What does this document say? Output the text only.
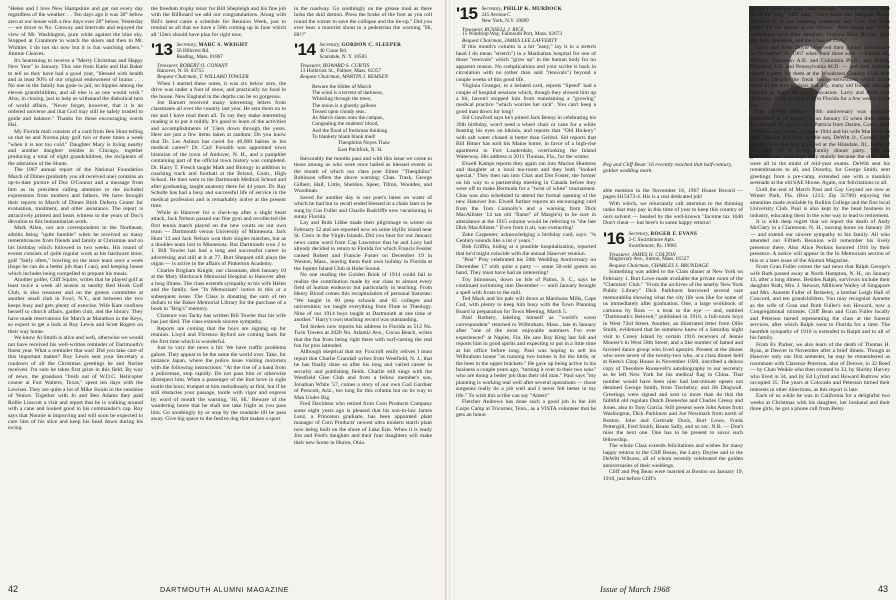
"Helen and I love New Hampshire and get out every day regardless of the weather. . . Ten days ago it was 30° below zero at our house with a few days over 20° below. Yesterday — we drove to No. Conway and Intervale and enjoyed the view of Mt. Washington, pure white against the blue sky. Stopped at Cranmore to watch the skiers and then to Mt. Whittier. I do not ski now but it is fun watching others." Jimmie Cleaves.

It's heartening to receive a "Merry Christmas and Happy New Year" in January. This one from Katie and Hal Baker to tell us they have had a good year, "blessed with health and at least 90% of our original endowment of brains . . . No one in the family has gone to jail, no hippies among the eleven grandchildren, and all else is as one would wish." Also, in closing, just to help us withstand the diabolical turn of world affairs, "Never forget, however, that it is an ordered universe and that God may still be safely trusted to guide and balance." Thanks for those encouraging words Hal.

My Florida mail consists of a card from Ben Hunt telling us that he and Norma play golf two or three times a week "when it is not too cold." Daughter Mary is living nearby and another daughter resides in Chicago, together producing a total of eight grandchildren, the recipients of the adoration of the Hunts.

The 1967 annual report of the National Foundation March of Dimes (probably you all received one) contains an up-to-date picture of Doc O'Connor and a message from him as its president calling attention to the included expressions from mothers and fathers. We have brought their reports to March of Dimes Birth Defects Center for evaluation, treatment, and other assistance. The report is attractively printed and bears witness to the years of Doc's devotion to this humanitarian work.

Mark Allen, our ace correspondent in the Northeast, admits being "quite humble" when he received so many remembrances from friends and family at Christmas and on his birthday which followed in two weeks. His round of events consists of quite regular work at his hardware store, golf "fairly often," bowling on the store team once a week (hope he can do a better job than I can), and keeping house which includes being compelled to prepare his meals.

Another golfer, Cliff Squire, writes that he played golf at least twice a week all season at nearby Red Hook Golf Club, is also treasurer and on the greens committee at another small club in Fowl, N.Y., and between the two keeps busy and gets plenty of exercise. Wife Kate confines herself to church affairs, garden club, and the library. They have made reservations for March at Marathon in the Keys, so expect to get a look at Roy Lewis and Scott Rogers on their way home.

We know Al Smith is alive and well, otherwise we would not have received his well-written reminder of Dartmouth's finest year. What a reminder that was! Did you take care of this important matter? Roy Lewis sent your Secretary a rundown of all the Christmas greetings he and Norine received. I'm sure he takes first prize in this field. By way of news, the grandson "fresh out of W.O.C. Helicopter course at Fort Walters, Texas," spent ten days with the Lewises. They are quite a lot of Mike Swain in the sunshine of Venice. Together with Jo and Ben Adams they paid Rollie Linscott a visit and report that he is walking around with a cane and looked good in his commander's cap. Roy says that Noonie is improving and will soon be expected to cure him of his slice and keep his head down during his swing.

the freedom trophy tenor for Bill Shepleigh and his fine job with the Billboard we add our congratulations. Along with Bill's latest came a schedule for Reunion Week, just to remind us all that we have a 56th coming up in June which all '12ers should have plan for right now.

'13 Secretary, MARC S. WRIGHT
56 Hillcrest Rd.
Reading, Mass. 01867

Treasurer, ROBERT O. CONANT

Hanover, N. H. 03755

Bequest Chairman, T. WILLARD TOWLER

When I started these notes, it was six below zero, the drive was under a foot of snow, and practically no food in the house. New England in the depths can be so gorgeous.

Joe Barnett received many interesting letters from classmates all over the country last year. He sent them on to me and I have read them all. To say they make interesting reading is to put it mildly. It's good to learn of the activities and accomplishments of '13ers down through the years. Here are just a few items taken at random: Do you know that Dr. Les Ashton has cared for 40,000 babies in his medical career? Dr. Carl Forsaith was appointed town historian of the town of Andover, N. H., and a pamphlet containing part of the official town history was completed. Dr. Harry T. Fresch taught Math and Biology in addition to coaching track and football at the Bristol, Conn., High School. He then went to the Dartmouth Medical School and after graduating, taught anatomy there for 44 years. Dr. Ray Schulte has had a busy and successful life of service in the medical profession and is remarkably active at the present time.

While in Hanover for a check-up after a slight heart attack, Jack Nelson passed our fine gym and recollected the first tennis match played on the new courts on our own team — Dartmouth versus University of Minnesota. Jack Hunt '13 and Jack Nelson won their singles matches, but as a doubles team lost to Minnesota. But Dartmouth won 2 to 1. Bill Towler has had a long and successful career in advertising and still at it at 77. Burt Shepard still plays the organ — is active in the affairs of Pinkerton Academy.

Charles Brigham Knight, our classmate, died January 10 at the Mary Hitchcock Memorial Hospital in Hanover after a long illness. The class extends sympathy to his wife Helen and the family. See "In Memoriam" notice in this or a subsequent issue. The Class is donating the sum of ten dollars to the Baker Memorial Library for the purchase of a book in "Brig's" memory.

Clarence von Tacky has written Bill Towler that his wife has just died. The class extends sincere sympathy.

Reports are coming that the boys are signing up for reunion. Lloyd and Florence Ryford are coming back for the first time which is wonderful.

Just to vary the news a bit: We have traffic problems galore. They appear to be the same the world over. Take, for instance Japan, where the police issue visiting motorists with the following instructions: "At the rise of a hand from a policeman, stop rapidly. Do not pass him or otherwise disrespect him. When a passenger of the foot hove in sight tootle the horn; trumpet at him melodiously at first, but if he still obstacles your passage, tootle with vigor and express by word of mouth the warning, 'Hi, Hi.' Beware of the wandering horse that he shall not take fright as you pass him. Go soothingly by or stop by the roadside till he pass away. Give big space to the festive dog that makes a sport

in the roadway. Go soothingly on the grease mud as there lurks the skid demon. Press the brake of the foot as you roll round the corner to save the collapse and the tie-up." Did you ever hear a motorist shout to a pedestrian the warning "Hi, Hi!?"

'14 Secretary, GORDON C. SLEEPER
40 Crane Rd.
Scarsdale, N. Y. 10583

Treasurer, HOWARD S. CURTIS

13 Holbrook St., Palmer, Mass. 02357

Bequest Chairman, MARTIN J. REMSEN

Beware the Slides of March
The wind is a torrent of darkness,
Whistling through the trees;
The moon is a ghostly galleon
Tossed upon cloudy seas.
As March slams onto the campus,
Congealing the students' blood,
And the flood of freshman thinking
To blankety blank blank mud!
Theophilus Noyes Thaw
East Pitchfork, N. H.

Inexorably the months pass and with this issue we come to those among us who were once hailed as blessed events in the month of which our class poet Elmer "Theophilus" Robinson offers the above warning: Chas. Trask, George Gilbert, Hall, Little, Sheldon, Speer, Tilton, Wooldes, and Woodman.

Saved for another day is our poet's latest on water of which he had but to recall ended blessed in a chain later to be sung by Gus Fuller and Charlie Radcliffe now vacationing in sunny Florida.

Lay and Ruth Libbe made their pilgrimage to winter on February 12 and are reported now on some idyllic island near St. Croix in the Virgin Islands. Did you hear for our January news came word from Cap Lawrence that he and Lucy had already decided to return to Florida for which Francis Fessler caused Robert and Francie Foster on December 19 in Weston, Mass., leaving them their own holiday in Florida at the Jupiter Island Club at Hobe Sound.

No one reading the Golden Book of 1914 could fail to realize the contribution made by our class to almost every field of human endeavor but particularly in teaching. From Henry Blood comes this recapitulation of personal histories: "We taught in 60 prep schools and 65 colleges and universities; we taught everything from Flute to Theology. Nine of our 1914 boys taught at Dartmouth at one time or another." Harry's own teaching record was outstanding.

Ted Stokes now reports his address in Florida as 512 No. Twin Towers at 2020 No. Atlantic Ave., Cocoa Beach, writes that the fun from being right there with surf-casting the real fun for pros intended.

Although skeptical that my Foxcroft really relives I must report that Charlie Crandall writes from Westfield, N. J., that he has finally done so after his long and varied career in security and publishing fields. Charlie still sings with the Westfield Glee Club and from a fellow member's son, Jonathan White '57, comes a story of our own Gail Gardner of Prescott, Ariz., too long for this column but on its way to Man Under Big.

Fred Davidson who retired from Corn Products Company some eight years ago is pleased that his son-in-law James Lenz, a Princeton graduate, has been appointed plant manager of Corn Products' newest ultra modern starch plant now being built on the shore of Lake Erie. When it is ready Jim and Fred's daughter and their four daughters will make their new home in Huron, Ohio.

42	DARTMOUTH ALUMNI MAGAZINE
'15 Secretary, PHILIP K. MURDOCK
245 Avenue C
New York, N.Y. 10009

Treasurer, RUSSELL J. RICE

15 Winthrop Way, Falmouth Port, Mass. 02673

Bequest Chairman, JAMES LEE LAFFERTY

If this month's column is a bit "zany," lay it to a stretch head I do mean "stretch") in a Manhattan hospital for one of those "renovals" which "grow up" in the human body for no apparent reason. No complications and your scribe is back in circulation with no (other than said "renovals") beyond a couple weeks of this good life.

Virginia Granger, in a belated card, reports "Speed" had a couple of hospital sessions which, though they slowed him up a bit, haven't stopped him from maintaining a "growing" medical practice "which worries her sick". You can't keep a good man down for long!

Sid Crawford says he's joined Jack Benny in celebrating his 39th birthday, won't need a wheel chair or cane for a while feasting his eyes on bikinis, and reports that "Old Hickory" with salt water chased is better than Geritol. Sid reports that Bill Bitner has sold his Maine home, in favor of a high-rise apartment in Fort Lauderdale, overlooking the Inland Waterway. His address is 2011 Thomas, Fla., for the winter.

Elwell Kamps reports they again ran into Marion Huntress and daughter at a local tea-room and they both "looked special." They then ran into Chas and Dot Foster, the former on his way to a partnership meeting in Canada before they were off to make Bermuda for a "twist of white" tournament. Chas was also scheduled to attend the formal opening of the new Hanover Inn. Elwell further reports an encouraging card from the Tom Connolly's and a warning from Dick MacAllister '14 tan old "flame" of Margie's) to be sure in attendance at the 1915 column would be referring to "the late Dick MacAllister." Even from it all, was overacting!

Zeke Carpenter, acknowledging a birthday card, says: "¾ Century sounds like a lot o' years."

Bob Griffin, hiding at a possible hospitalization, reported that he'd might coincide with the annual Hanover reunion.

"Pest" Pray celebrated his 50th Wedding Anniversary on December 17 with quite a party — some 50-odd guests on hand. They must have had an interesting!

Toy Simonson, down on Isle of Palms, S. C., says he continued swimming into December — until January brought a spell with frosts to the mill.

Ted Mack and his pals will down at Marshons Mills, Cape Cod, with plenty to keep him busy with the Town Planning Board in preparation for Town Meeting, March 5.

Paul Rothery, labeling himself as "world's worst correspondent" returned to Wilbraham, Mass., late in January after "one of the most enjoyable summers I've ever experienced" at Naples, Fla. He saw Ray King last fall and reports him in good spirits and expecting to put in a little time at his office before long. Paul was hoping to sell his Wilbraham house "as running two homes is for the birds, or the bees in the upper brackets." He gave up being active in his business a couple years ago, "turning it over to their two sons" who are doing a better job than their old man." Paul says "my planning is working real well after several operations — those surgeons really do a job well and I never felt better in my life." To wish this scribe can say "Amen!"

Fletcher Andrews has done such a good job in the Job Corps Camp at Tricorner, Tenn., as a VISTA volunteer that he gets an honor

able mention in the November 16, 1967 House Record — pages H15473-4. His is a real dedicated job!

With which, we reluctantly call attention to the thinning ranks that may pay in this time of year to keep this country of ours solvent — headed by the well-known "Income tax 1040 Don't cheat — but here's to some happy returns!

'16 Secretary, ROGER F. EVANS
2-C Swarthmore Apts.
Swarthmore, Pa. 19081

Treasurer, JAMES H. COLTON

Magistrary Ave., Sutton, Mass. 01527

Bequest Chairman, CHARLES S. BRUNDAGE

Something was added to the Class dinner at New York on February 1. Burt Lowe made available the private room of the "Chemists' Club." "From the archives of the nearby New York Public Library" Dick Parkhurst borrowed several rare memorabilia showing what the city life was like for some of us immediately after graduation. One, a large workbook of cartoons by Ross — a treat to the eye — and, entitled "Dartmouth's Beloved," published in 1916, a full-room boys in West 73rd Street. Another, an illustrated letter from Ollie Smith, evidenced that he somehow knew of a Saturday night visit to Coney Island by certain 1916 receivers of Jennie Moorer's in West 58th Street, and a like number of famed and favored dance group who lived upstairs. Present at the dinner who were seven of the twenty-two who, at a class dinner held at Keen's Chop House in November 1920, inscribed a deluxe copy of Theodore Roosevelt's autobiography to our secretary as he left New York for his medical flag in China. That number would have been nine had last-minute upsets not detained George Smith, from Tischebzy, and Jib Dingwall. Greetings were signed and sent to more than do this the faithful old regulars Dutch Doenecke and Charles Cressy and Jones, also to Tony Garcia. Still present were John Amos from Washington, Dick Parkhurst and Joe Newmark from north of Boston. John and Gertrude Dock, Burt Lowe, Frank Pettengill, Fred Smith, Beans Sally, and so sec. N.B. — Don't miss the next one. One has to be present to savor such fellowship.

The whole Class extends felicitations and wishes for many happy returns to the Cliff Beans, the Larry Doyles and to the DeWitt Wilsons, all of whom recently celebrated the golden anniversaries of their weddings.

Cliff and Peg Bean were married at Boston on January 19, 1918, just before Cliff's

Peg and Cliff Bean '16 recently reached that half-century, golden wedding mark.

orders to destroyer duty came through. "Sixteen has been with us all the way," Cliff adds, "since Hobe and Margaret Baker attended us at our wedding ceremony and Gran and Ruth Fuller did the honors at our fiftieth." Also taking part in the celebration were their daughter, Virginia Bean Bryant, their son Jack, grandson, and the Class of 1925."

Larry and Rene Doyle observed their golden anniversary on November 30, 1967 when their three sons — Kelvin '40, William, Princeton A.B. and Columbia Ph.D., and Alfred, Princeton A.B. and Pennsylvania M.D. — and their families hosted a party for them at the Woodcrest Country Club near Syosset. Despite the freak heavy snowstorm which made travel in the area perilous that day, many old friends also got through to share the happy occasion. Larry and Rene now (February 1) are on their way to Florida for a few weeks in the sun.

The DeWitt Wilsons' 50th anniversary was similarly celebrated, as of January 5, on January 15 when their oldest son Donald '41 and his wife Patricia from Darien, Conn.; their youngest son Charles, Colgate 1944 and his wife Martha from New Canaan; and their middle son, DeWitt Jr., Cornell 1947 and his wife Adelina, gathered at the Hinsdale, Ill., home of the latter for a lovely family dinner party. The six grandchildren were kept busy mainly because the older ones were all in the midst of mid-year exams. DeWitt sent his remembrances to all, and Dorothy, for George Smith, sent greetings from a pre-camp, extended one with a manikin serenade at the old SAE House. Again, our felicitations to all.

Until the end of March Paul and Gay Geyand are now at Winter Park, Fla. (Box 1213, Zip 32789) enjoying the amenities made available by Rollins College and the fine local University Club. Paul is also kept by the head business in industry, educating them in the wise way to lead to retirement.

It is with deep regret that we report the death of Andy McClary in a Claremont, N. H., nursing home on January 28 — and extend our sincere sympathy to his family. All who attended our Fiftieth Reunion will remember his lively presence there. Also Alice Perkins honored 1916 by their presence. A notice will appear in the In Memoriam section of this or a later issue of the Alumni Magazine.

From Gran Fuller comes the sad news that Ralph George's wife Ruth passed away at North Hampton, N. H., on January 13, after a long illness. Besides Ralph, survivors include their daughter Ruth, Mrs. J. Stewart, Millicent Walley of Singapore and Mrs. Annette Fuller of Berkeley, a brother Leigh Hall of Concord, and ten grandchildren. You may recognize Annette as the wife of Gran and Ruth Fuller's son Howard, now a Congregational minister. Cliff Bean and Gran Fuller locally and Peterson turned representing the class at the funeral services, after which Ralph went to Florida for a time. The heartfelt sympathy of 1916 is extended to Ralph and to all of his family.

From Ev Parker, we also learn of the death of Thomas H. Ryan, at Denver in November after a brief illness. Though at Hanover only our first semester, he may be remembered as roommate with Clarence Peterson, also of Denver, in 32 Reed — by Chan Weikle who then roomed in 33, by Shirley Harvey who lived in 34, and by Ed Lyford and Howard Ruttrow who occupied 35. The years at Colorado and Peterson turned their interests in other directions, as this report is late.

Each of us while he was in California for a delightful two weeks at Christmas with his daughter, her husband and their three girls, he got a phone call from Betsy

Issue of March 1968	43
